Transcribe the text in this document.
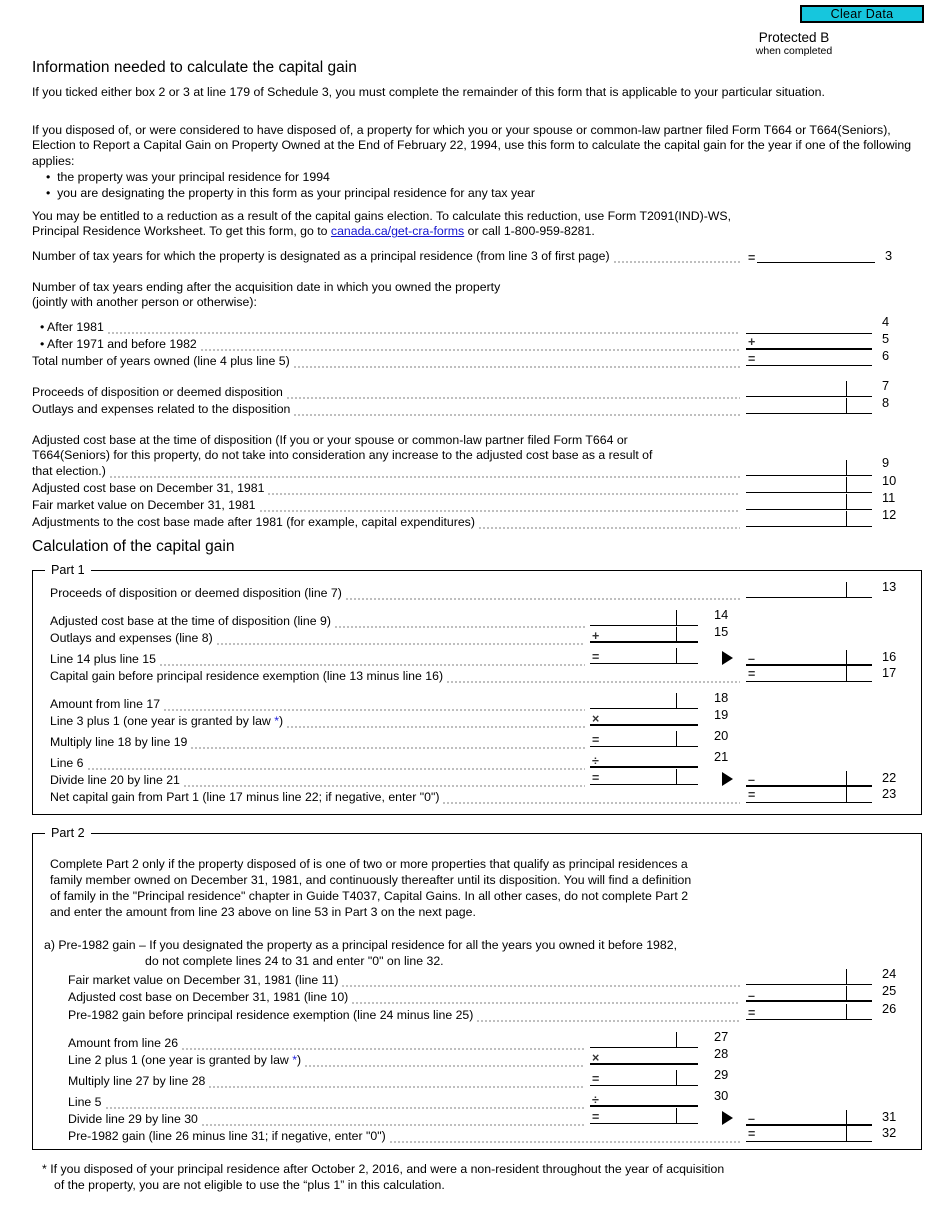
Clear Data
Protected B
when completed
Information needed to calculate the capital gain
If you ticked either box 2 or 3 at line 179 of Schedule 3, you must complete the remainder of this form that is applicable to your particular situation.
If you disposed of, or were considered to have disposed of, a property for which you or your spouse or common-law partner filed Form T664 or T664(Seniors), Election to Report a Capital Gain on Property Owned at the End of February 22, 1994, use this form to calculate the capital gain for the year if one of the following applies:
•  the property was your principal residence for 1994
•  you are designating the property in this form as your principal residence for any tax year
You may be entitled to a reduction as a result of the capital gains election. To calculate this reduction, use Form T2091(IND)-WS,
Principal Residence Worksheet. To get this form, go to canada.ca/get-cra-forms or call 1-800-959-8281.
Number of tax years for which the property is designated as a principal residence (from line 3 of first page)	=	3
Number of tax years ending after the acquisition date in which you owned the property
(jointly with another person or otherwise):
• After 1981	4
• After 1971 and before 1982	+	5
Total number of years owned (line 4 plus line 5)	=	6
Proceeds of disposition or deemed disposition	7
Outlays and expenses related to the disposition	8
Adjusted cost base at the time of disposition (If you or your spouse or common-law partner filed Form T664 or
T664(Seniors) for this property, do not take into consideration any increase to the adjusted cost base as a result of
that election.)
9
Adjusted cost base on December 31, 1981	10
Fair market value on December 31, 1981	11
Adjustments to the cost base made after 1981 (for example, capital expenditures)	12
Calculation of the capital gain
Part 1
Proceeds of disposition or deemed disposition (line 7)	13
Adjusted cost base at the time of disposition (line 9)	14
Outlays and expenses (line 8)	+	15
Line 14 plus line 15	=	–	16
Capital gain before principal residence exemption (line 13 minus line 16)	=	17
Amount from line 17	18
Line 3 plus 1 (one year is granted by law *)	×	19
Multiply line 18 by line 19	=	20
Line 6	÷	21
Divide line 20 by line 21	=	–	22
Net capital gain from Part 1 (line 17 minus line 22; if negative, enter "0")	=	23
Part 2
Complete Part 2 only if the property disposed of is one of two or more properties that qualify as principal residences a
family member owned on December 31, 1981, and continuously thereafter until its disposition. You will find a definition
of family in the "Principal residence" chapter in Guide T4037, Capital Gains. In all other cases, do not complete Part 2
and enter the amount from line 23 above on line 53 in Part 3 on the next page.
a) Pre-1982 gain – If you designated the property as a principal residence for all the years you owned it before 1982,
do not complete lines 24 to 31 and enter "0" on line 32.
Fair market value on December 31, 1981 (line 11)	24
Adjusted cost base on December 31, 1981 (line 10)	–	25
Pre-1982 gain before principal residence exemption (line 24 minus line 25)	=	26
Amount from line 26	27
Line 2 plus 1 (one year is granted by law *)	×	28
Multiply line 27 by line 28	=	29
Line 5	÷	30
Divide line 29 by line 30	=	–	31
Pre-1982 gain (line 26 minus line 31; if negative, enter "0")	=	32
* If you disposed of your principal residence after October 2, 2016, and were a non-resident throughout the year of acquisition
of the property, you are not eligible to use the “plus 1” in this calculation.
